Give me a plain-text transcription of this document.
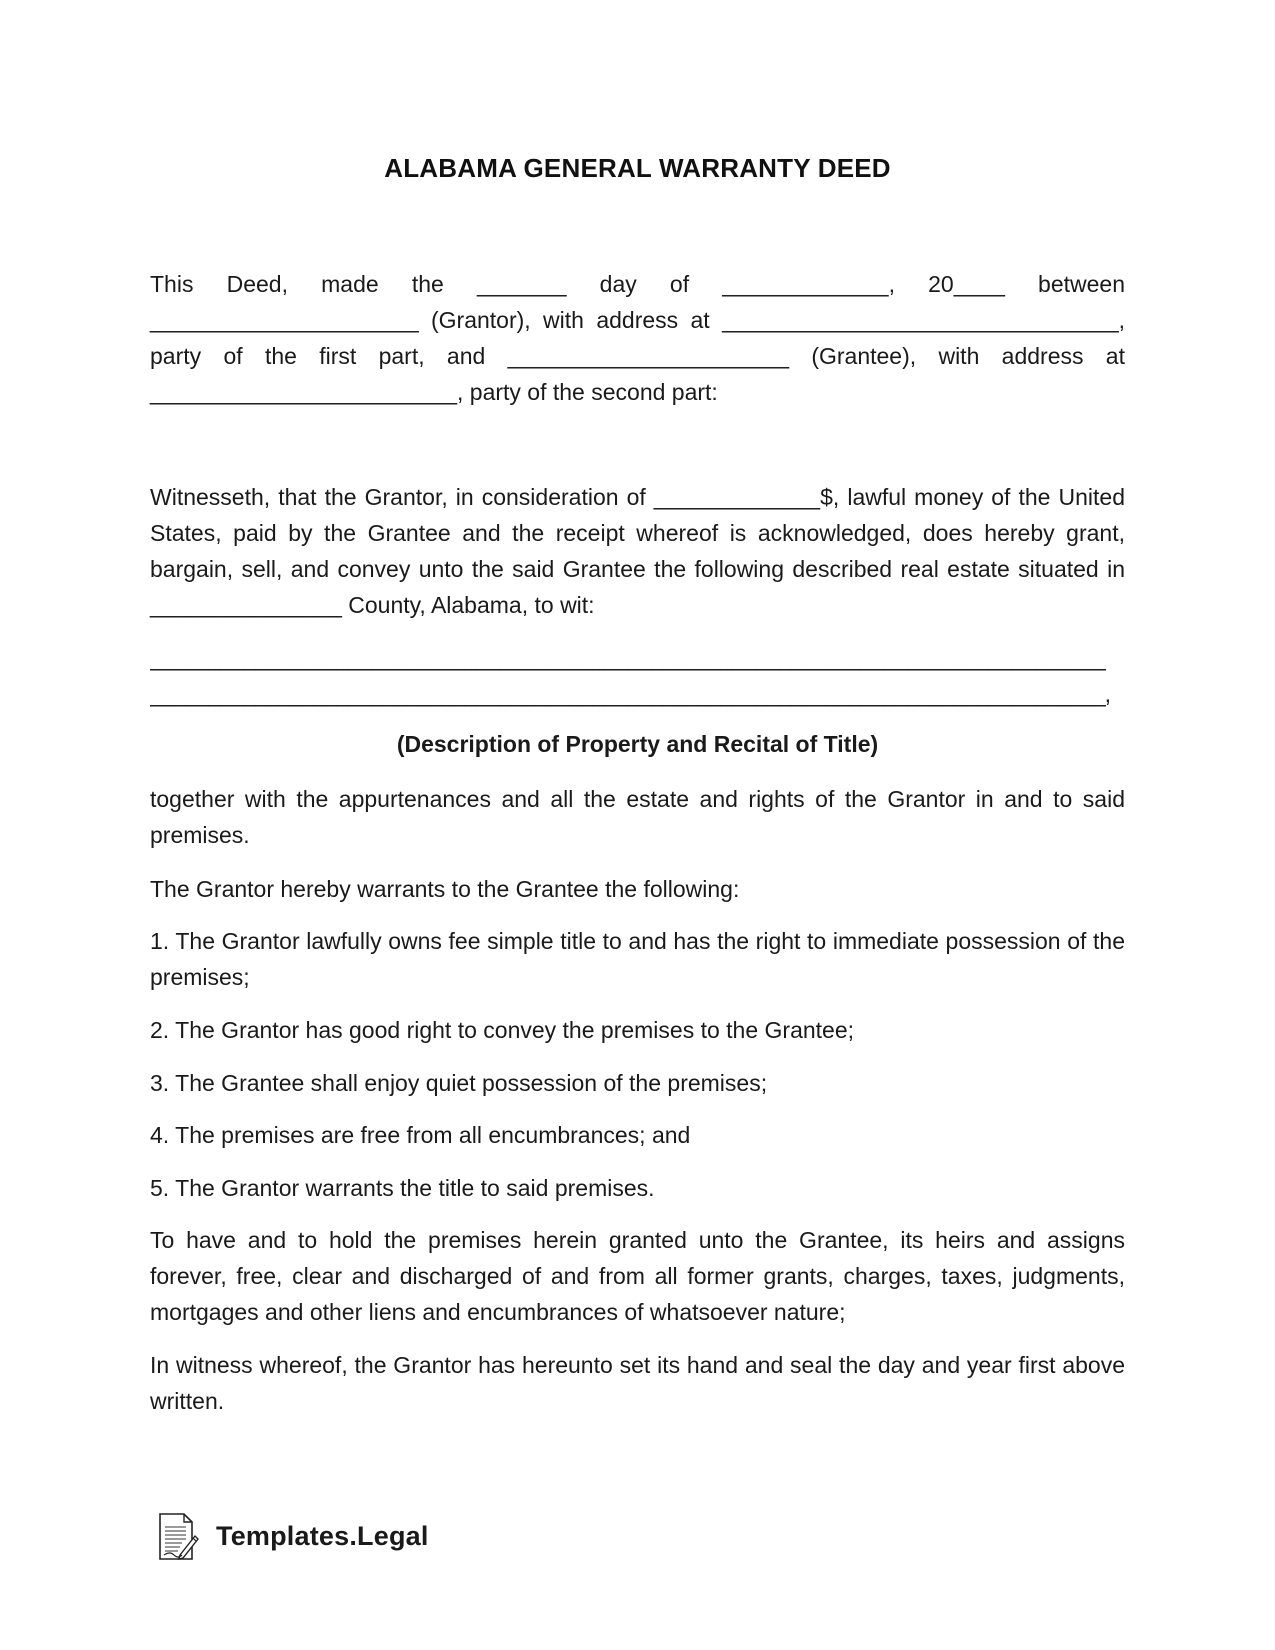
ALABAMA GENERAL WARRANTY DEED

This Deed, made the _______ day of _____________, 20____ between

_____________________ (Grantor), with address at _______________________________,

party of the first part, and ______________________ (Grantee), with address at

________________________, party of the second part:

Witnesseth, that the Grantor, in consideration of _____________$, lawful money of the United States, paid by the Grantee and the receipt whereof is acknowledged, does hereby grant, bargain, sell, and convey unto the said Grantee the following described real estate situated in _______________ County, Alabama, to wit:

__________________________________________________________________________________

__________________________________________________________________________________,

(Description of Property and Recital of Title)

together with the appurtenances and all the estate and rights of the Grantor in and to said premises.

The Grantor hereby warrants to the Grantee the following:

1. The Grantor lawfully owns fee simple title to and has the right to immediate possession of the premises;

2. The Grantor has good right to convey the premises to the Grantee;

3. The Grantee shall enjoy quiet possession of the premises;

4. The premises are free from all encumbrances; and

5. The Grantor warrants the title to said premises.

To have and to hold the premises herein granted unto the Grantee, its heirs and assigns forever, free, clear and discharged of and from all former grants, charges, taxes, judgments, mortgages and other liens and encumbrances of whatsoever nature;

In witness whereof, the Grantor has hereunto set its hand and seal the day and year first above written.

Templates.Legal
